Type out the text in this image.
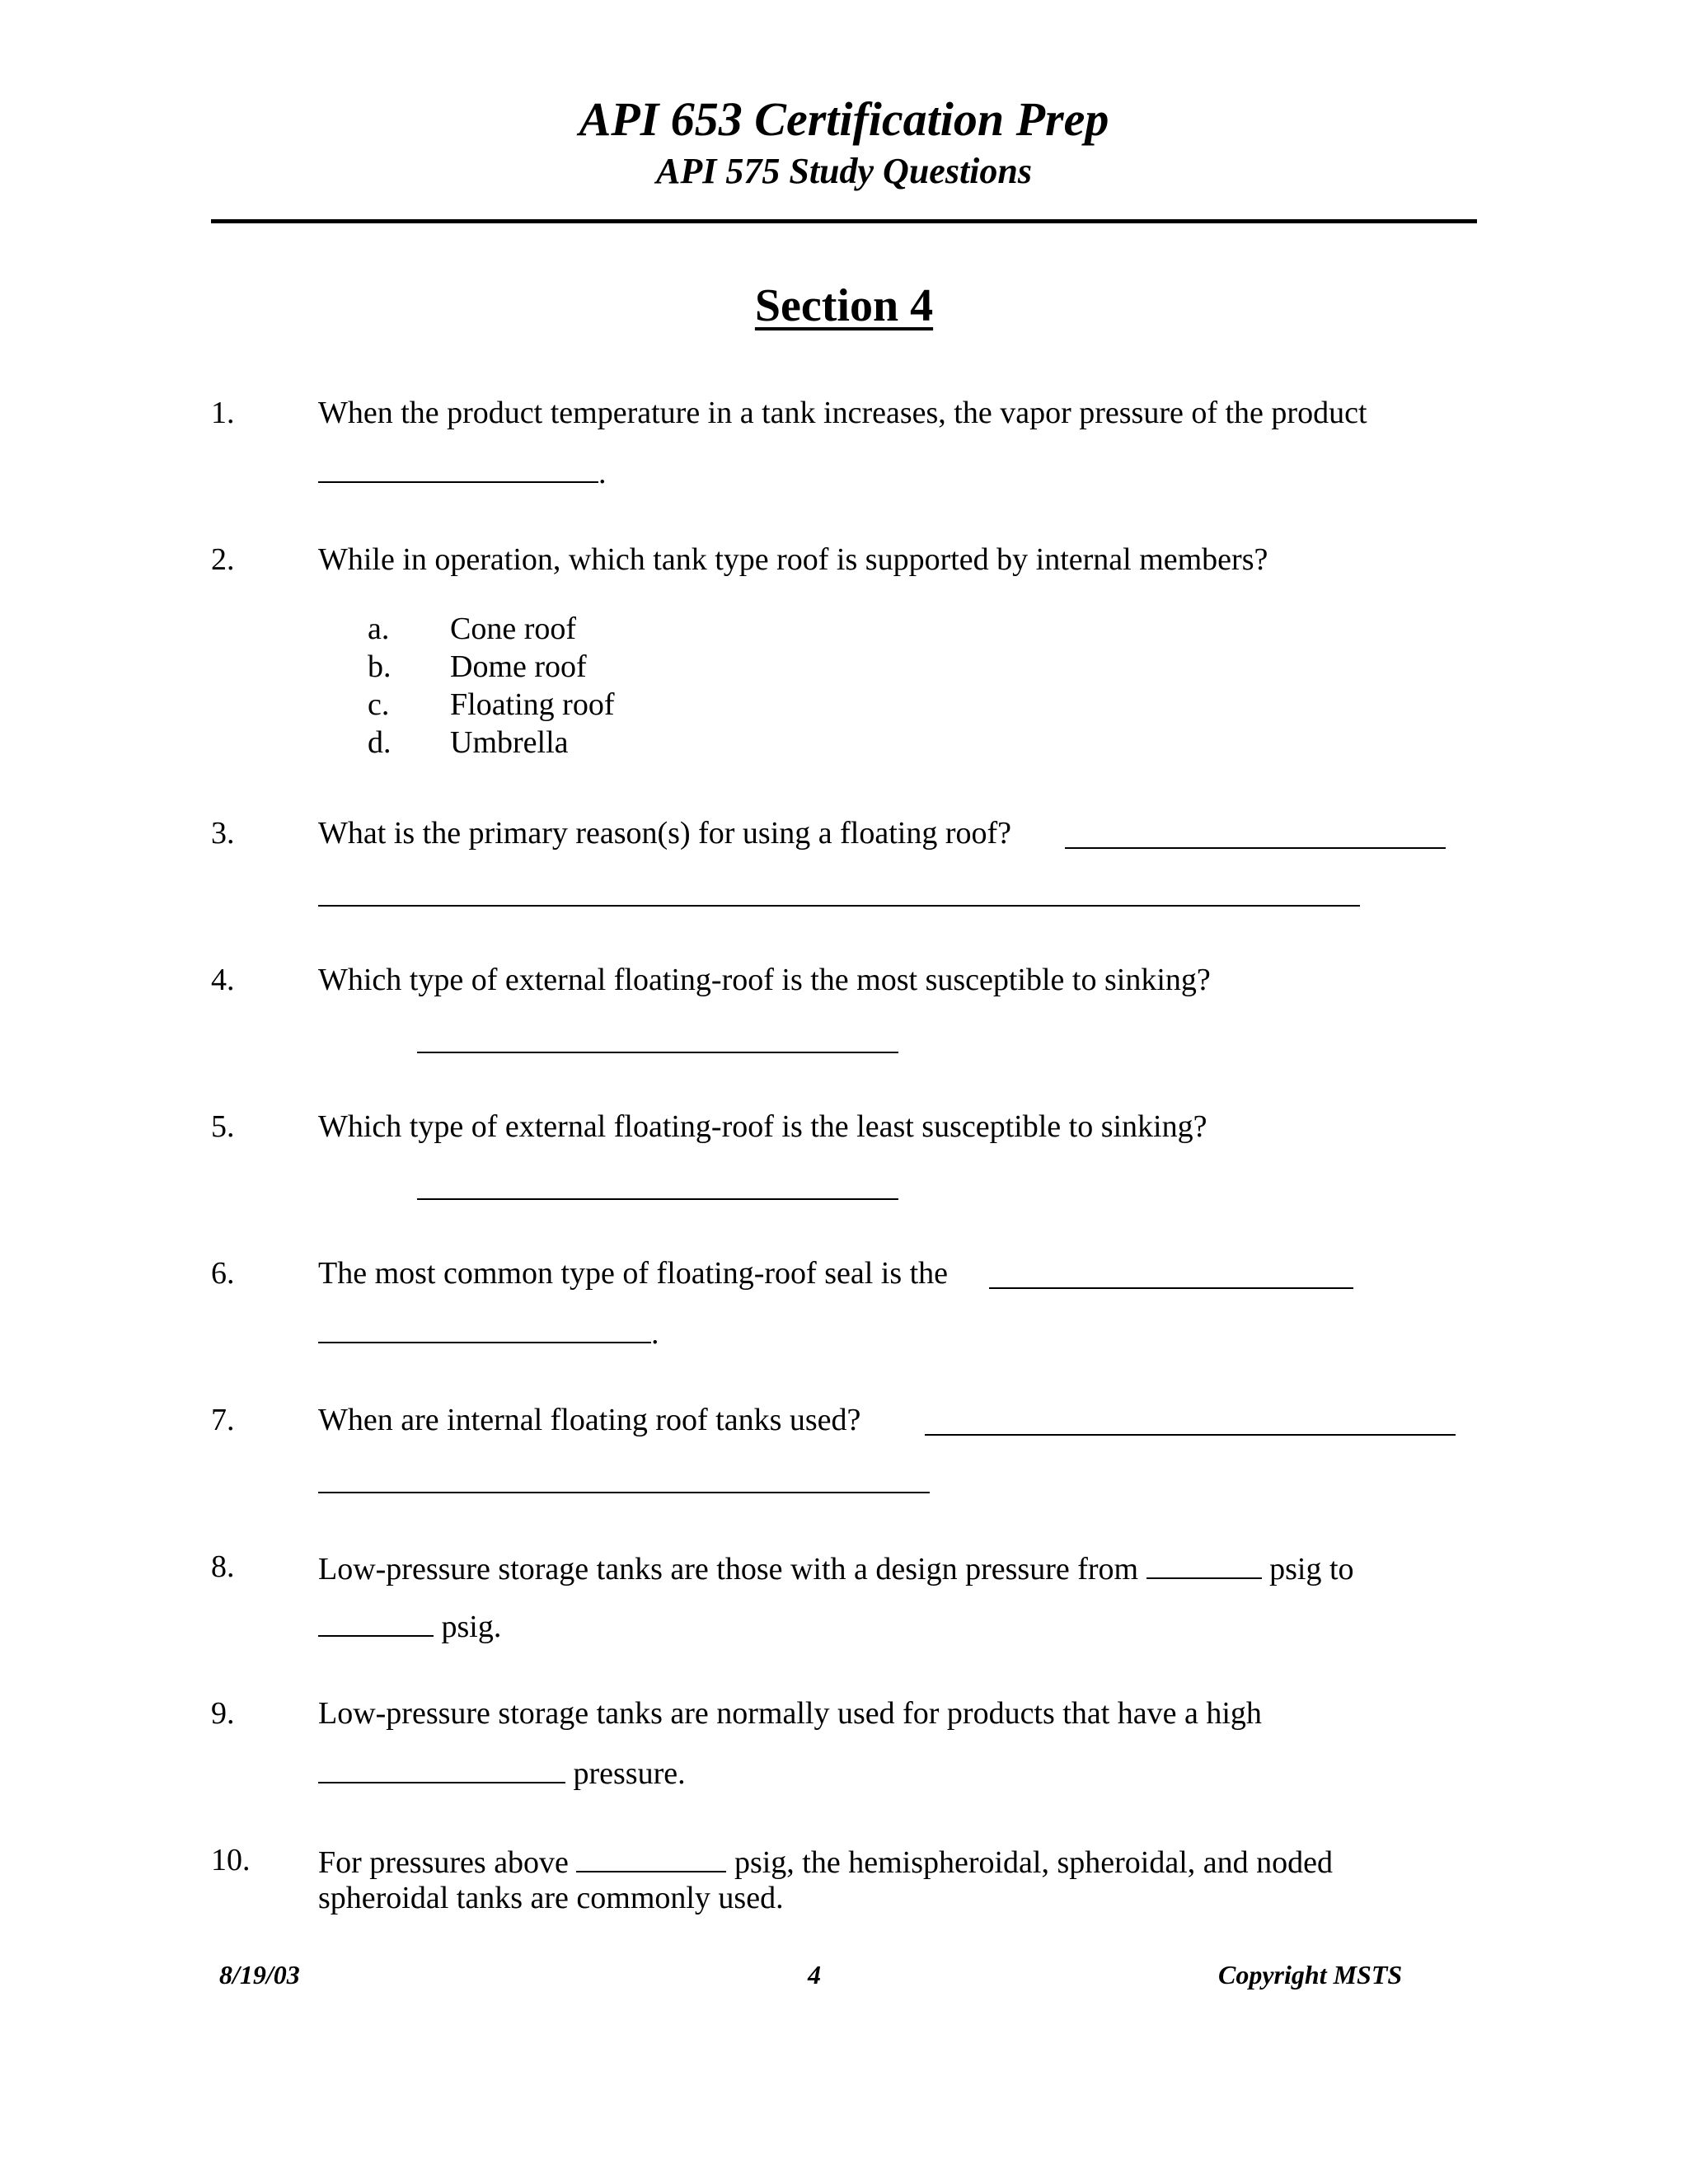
API 653 Certification Prep
API 575 Study Questions
Section 4
1.	When the product temperature in a tank increases, the vapor pressure of the product
.
2.	While in operation, which tank type roof is supported by internal members?
a. Cone roof
b. Dome roof
c. Floating roof
d. Umbrella
3.	What is the primary reason(s) for using a floating roof?
4.	Which type of external floating-roof is the most susceptible to sinking?
5.	Which type of external floating-roof is the least susceptible to sinking?
6.	The most common type of floating-roof seal is the
.
7.	When are internal floating roof tanks used?
8.	Low-pressure storage tanks are those with a design pressure from	psig to
psig.
9.	Low-pressure storage tanks are normally used for products that have a high
pressure.
10. For pressures above	psig, the hemispheroidal, spheroidal, and noded
spheroidal tanks are commonly used.
8/19/03	4	Copyright MSTS
